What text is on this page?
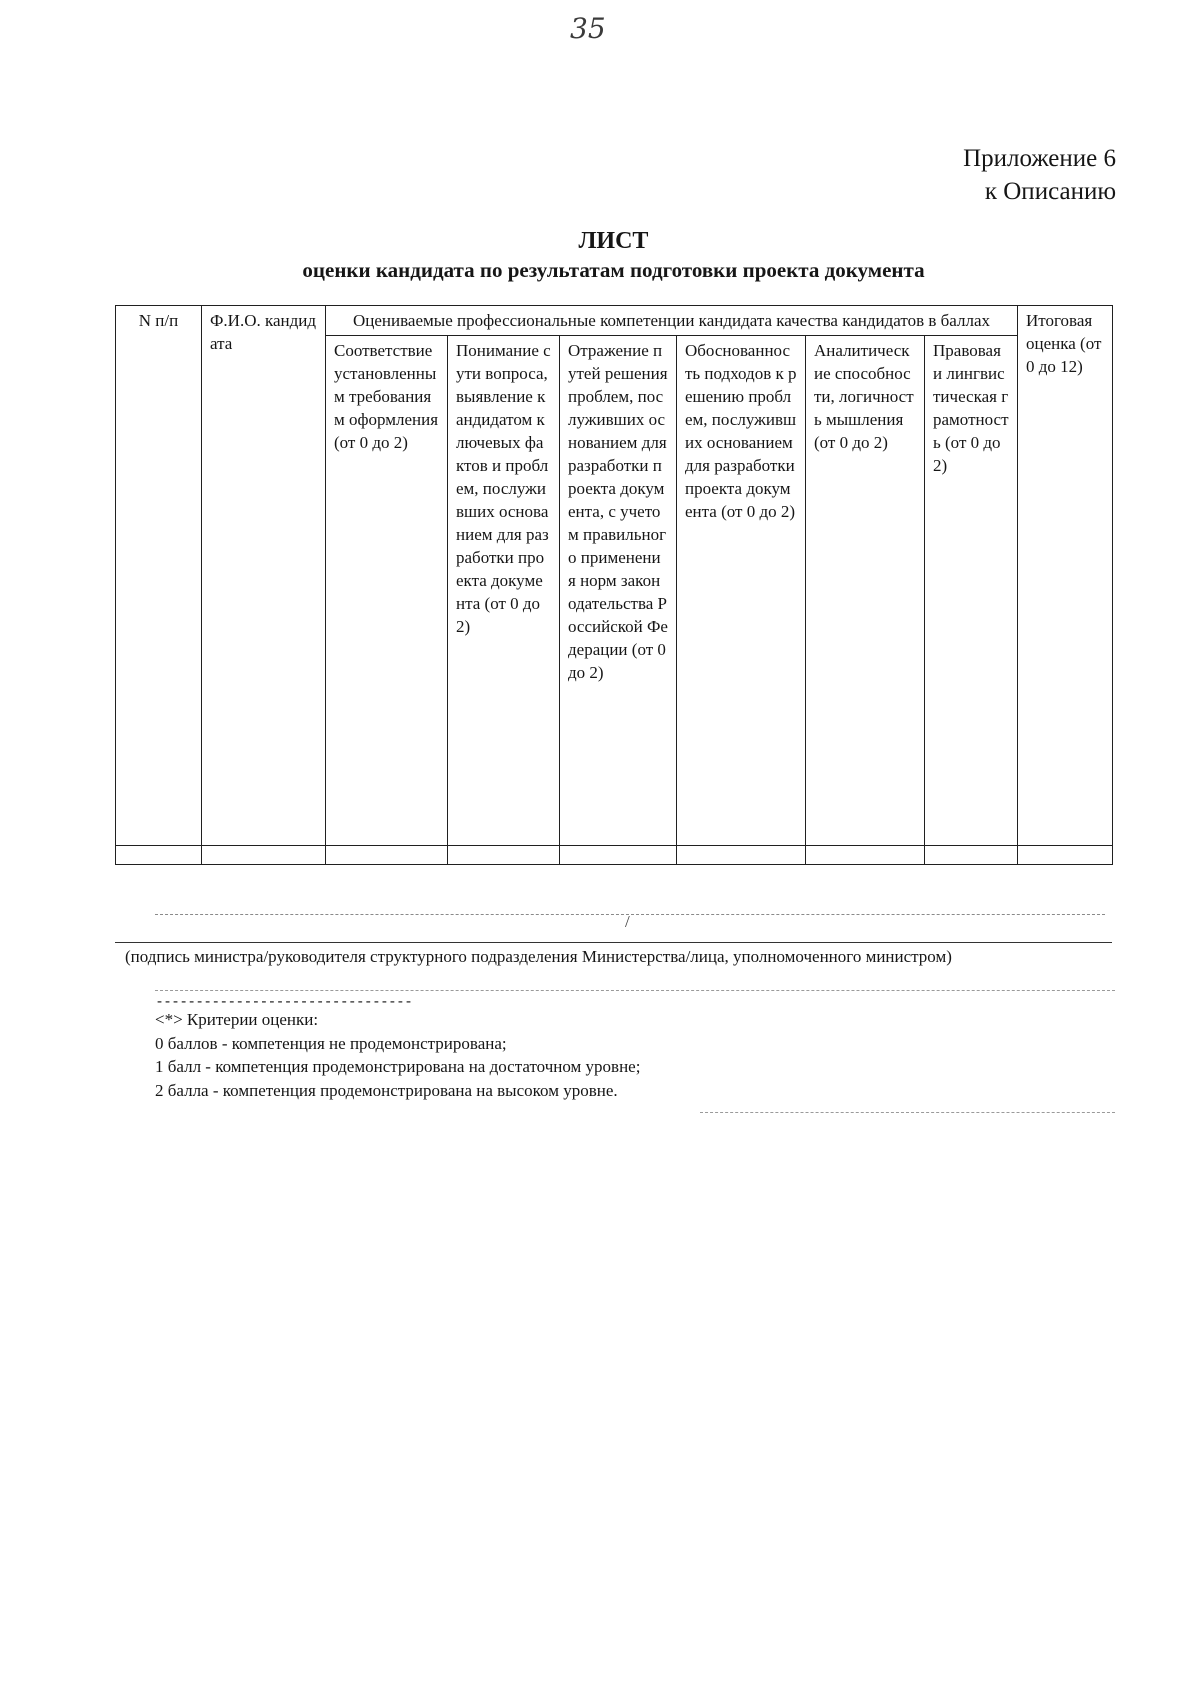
35
Приложение 6
к Описанию
ЛИСТ
оценки кандидата по результатам подготовки проекта документа
N п/п	Ф.И.О. кандидата	Оцениваемые профессиональные компетенции кандидата качества кандидатов в баллах						Итоговая оценка (от 0 до 12)
		Соответствие установленным требованиям оформления (от 0 до 2)	Понимание сути вопроса, выявление кандидатом ключевых фактов и проблем, послуживших основанием для разработки проекта документа (от 0 до 2)	Отражение путей решения проблем, послуживших основанием для разработки проекта документа, с учетом правильного применения норм законодательства Российской Федерации (от 0 до 2)	Обоснованность подходов к решению проблем, послуживших основанием для разработки проекта документа (от 0 до 2)	Аналитические способности, логичность мышления (от 0 до 2)	Правовая и лингвистическая грамотность (от 0 до 2)	

/
(подпись министра/руководителя структурного подразделения Министерства/лица, уполномоченного министром)
--------------------------------
<*> Критерии оценки:
0 баллов - компетенция не продемонстрирована;
1 балл - компетенция продемонстрирована на достаточном уровне;
2 балла - компетенция продемонстрирована на высоком уровне.
